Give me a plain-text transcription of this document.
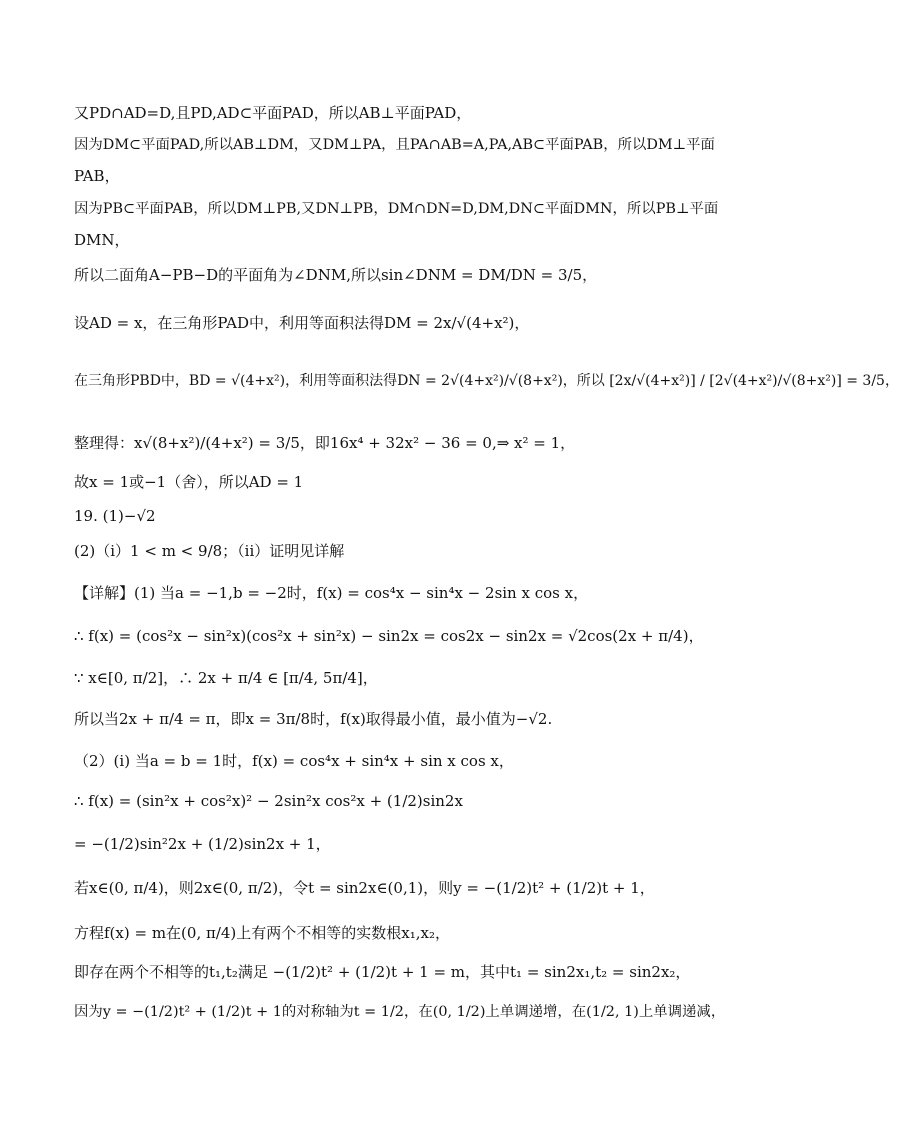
又PD∩AD=D,且PD,AD⊂平面PAD，所以AB⊥平面PAD，
因为DM⊂平面PAD,所以AB⊥DM，又DM⊥PA，且PA∩AB=A,PA,AB⊂平面PAB，所以DM⊥平面
PAB，
因为PB⊂平面PAB，所以DM⊥PB,又DN⊥PB，DM∩DN=D,DM,DN⊂平面DMN，所以PB⊥平面
DMN，
所以二面角A−PB−D的平面角为∠DNM,所以sin∠DNM = DM/DN = 3/5，
设AD = x，在三角形PAD中，利用等面积法得DM = 2x/√(4+x²)，
在三角形PBD中，BD = √(4+x²)，利用等面积法得DN = 2√(4+x²)/√(8+x²)，所以 [2x/√(4+x²)] / [2√(4+x²)/√(8+x²)] = 3/5，
整理得：x√(8+x²)/(4+x²) = 3/5，即16x⁴ + 32x² − 36 = 0,⇒ x² = 1，
故x = 1或−1（舍），所以AD = 1
19. (1)−√2
(2)（i）1 < m < 9/8；（ii）证明见详解
【详解】(1) 当a = −1,b = −2时，f(x) = cos⁴x − sin⁴x − 2sin x cos x，
∴ f(x) = (cos²x − sin²x)(cos²x + sin²x) − sin2x = cos2x − sin2x = √2cos(2x + π/4)，
∵ x∈[0, π/2]，∴ 2x + π/4 ∈ [π/4, 5π/4]，
所以当2x + π/4 = π，即x = 3π/8时，f(x)取得最小值，最小值为−√2.
（2）(i) 当a = b = 1时，f(x) = cos⁴x + sin⁴x + sin x cos x，
∴ f(x) = (sin²x + cos²x)² − 2sin²x cos²x + (1/2)sin2x
= −(1/2)sin²2x + (1/2)sin2x + 1，
若x∈(0, π/4)，则2x∈(0, π/2)，令t = sin2x∈(0,1)，则y = −(1/2)t² + (1/2)t + 1，
方程f(x) = m在(0, π/4)上有两个不相等的实数根x₁,x₂，
即存在两个不相等的t₁,t₂满足 −(1/2)t² + (1/2)t + 1 = m，其中t₁ = sin2x₁,t₂ = sin2x₂，
因为y = −(1/2)t² + (1/2)t + 1的对称轴为t = 1/2，在(0, 1/2)上单调递增，在(1/2, 1)上单调递减，
